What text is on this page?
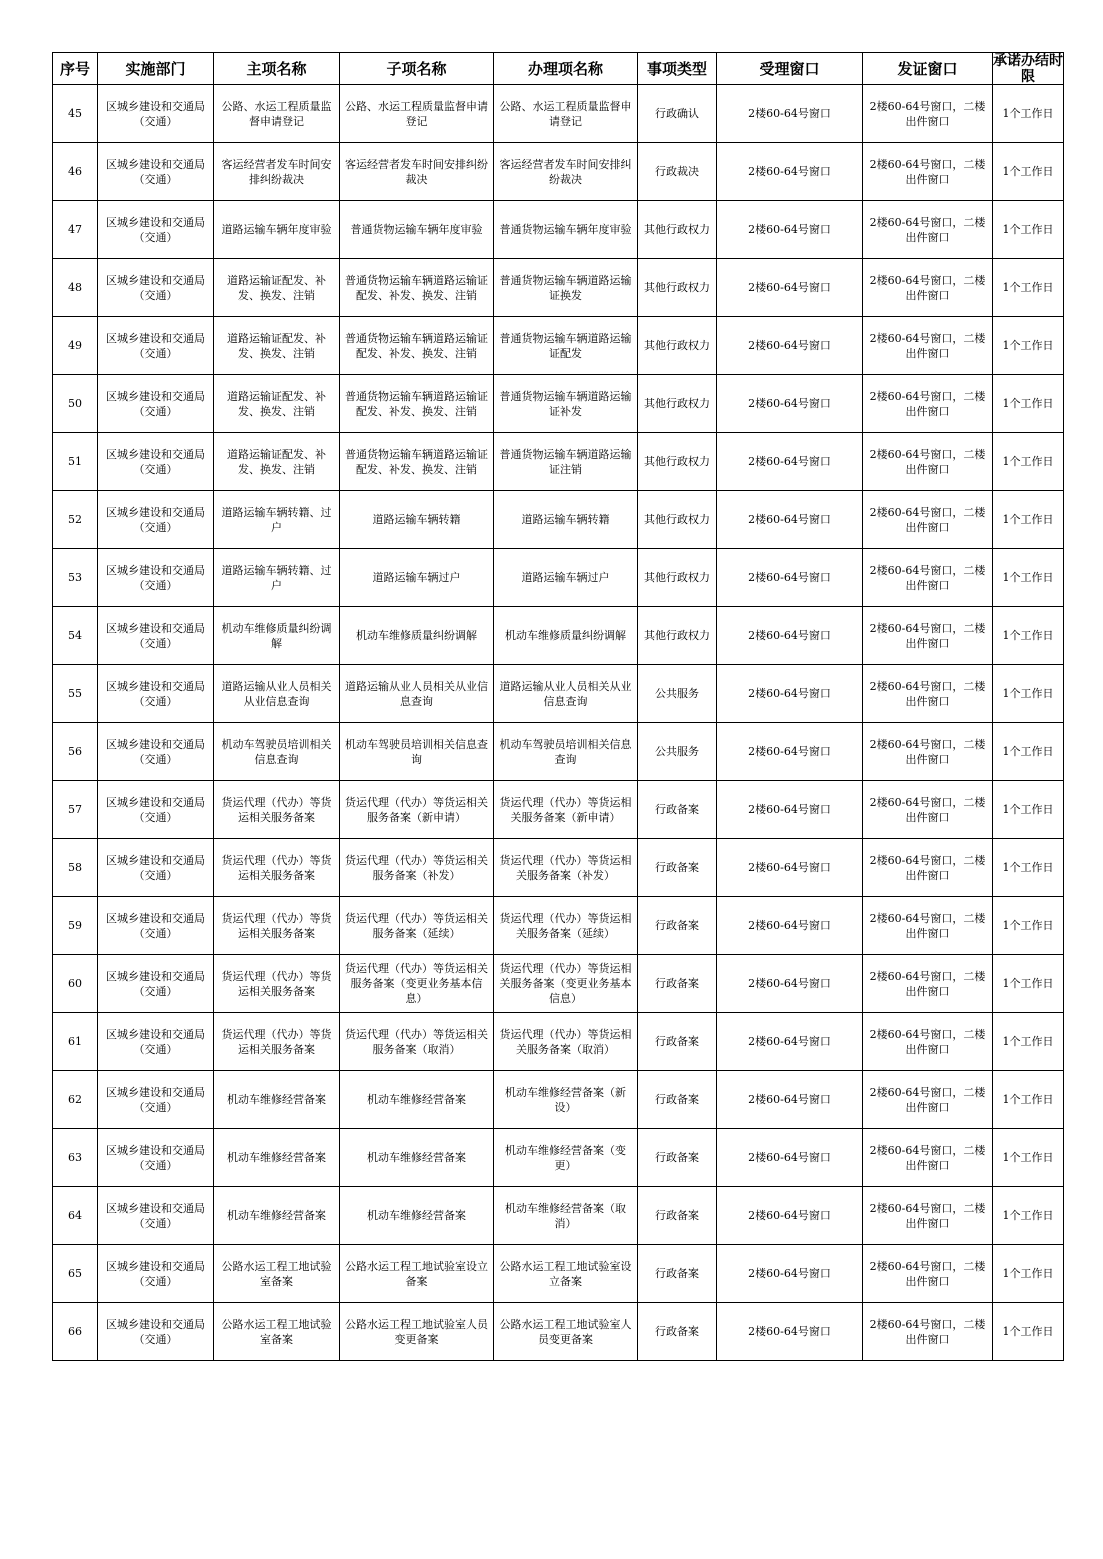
序号	实施部门	主项名称	子项名称	办理项名称	事项类型	受理窗口	发证窗口	承诺办结时限

45	区城乡建设和交通局（交通）	公路、水运工程质量监督申请登记	公路、水运工程质量监督申请登记	公路、水运工程质量监督申请登记	行政确认	2楼60-64号窗口	2楼60-64号窗口，二楼出件窗口	1个工作日
46	区城乡建设和交通局（交通）	客运经营者发车时间安排纠纷裁决	客运经营者发车时间安排纠纷裁决	客运经营者发车时间安排纠纷裁决	行政裁决	2楼60-64号窗口	2楼60-64号窗口，二楼出件窗口	1个工作日
47	区城乡建设和交通局（交通）	道路运输车辆年度审验	普通货物运输车辆年度审验	普通货物运输车辆年度审验	其他行政权力	2楼60-64号窗口	2楼60-64号窗口，二楼出件窗口	1个工作日
48	区城乡建设和交通局（交通）	道路运输证配发、补发、换发、注销	普通货物运输车辆道路运输证配发、补发、换发、注销	普通货物运输车辆道路运输证换发	其他行政权力	2楼60-64号窗口	2楼60-64号窗口，二楼出件窗口	1个工作日
49	区城乡建设和交通局（交通）	道路运输证配发、补发、换发、注销	普通货物运输车辆道路运输证配发、补发、换发、注销	普通货物运输车辆道路运输证配发	其他行政权力	2楼60-64号窗口	2楼60-64号窗口，二楼出件窗口	1个工作日
50	区城乡建设和交通局（交通）	道路运输证配发、补发、换发、注销	普通货物运输车辆道路运输证配发、补发、换发、注销	普通货物运输车辆道路运输证补发	其他行政权力	2楼60-64号窗口	2楼60-64号窗口，二楼出件窗口	1个工作日
51	区城乡建设和交通局（交通）	道路运输证配发、补发、换发、注销	普通货物运输车辆道路运输证配发、补发、换发、注销	普通货物运输车辆道路运输证注销	其他行政权力	2楼60-64号窗口	2楼60-64号窗口，二楼出件窗口	1个工作日
52	区城乡建设和交通局（交通）	道路运输车辆转籍、过户	道路运输车辆转籍	道路运输车辆转籍	其他行政权力	2楼60-64号窗口	2楼60-64号窗口，二楼出件窗口	1个工作日
53	区城乡建设和交通局（交通）	道路运输车辆转籍、过户	道路运输车辆过户	道路运输车辆过户	其他行政权力	2楼60-64号窗口	2楼60-64号窗口，二楼出件窗口	1个工作日
54	区城乡建设和交通局（交通）	机动车维修质量纠纷调解	机动车维修质量纠纷调解	机动车维修质量纠纷调解	其他行政权力	2楼60-64号窗口	2楼60-64号窗口，二楼出件窗口	1个工作日
55	区城乡建设和交通局（交通）	道路运输从业人员相关从业信息查询	道路运输从业人员相关从业信息查询	道路运输从业人员相关从业信息查询	公共服务	2楼60-64号窗口	2楼60-64号窗口，二楼出件窗口	1个工作日
56	区城乡建设和交通局（交通）	机动车驾驶员培训相关信息查询	机动车驾驶员培训相关信息查询	机动车驾驶员培训相关信息查询	公共服务	2楼60-64号窗口	2楼60-64号窗口，二楼出件窗口	1个工作日
57	区城乡建设和交通局（交通）	货运代理（代办）等货运相关服务备案	货运代理（代办）等货运相关服务备案（新申请）	货运代理（代办）等货运相关服务备案（新申请）	行政备案	2楼60-64号窗口	2楼60-64号窗口，二楼出件窗口	1个工作日
58	区城乡建设和交通局（交通）	货运代理（代办）等货运相关服务备案	货运代理（代办）等货运相关服务备案（补发）	货运代理（代办）等货运相关服务备案（补发）	行政备案	2楼60-64号窗口	2楼60-64号窗口，二楼出件窗口	1个工作日
59	区城乡建设和交通局（交通）	货运代理（代办）等货运相关服务备案	货运代理（代办）等货运相关服务备案（延续）	货运代理（代办）等货运相关服务备案（延续）	行政备案	2楼60-64号窗口	2楼60-64号窗口，二楼出件窗口	1个工作日
60	区城乡建设和交通局（交通）	货运代理（代办）等货运相关服务备案	货运代理（代办）等货运相关服务备案（变更业务基本信息）	货运代理（代办）等货运相关服务备案（变更业务基本信息）	行政备案	2楼60-64号窗口	2楼60-64号窗口，二楼出件窗口	1个工作日
61	区城乡建设和交通局（交通）	货运代理（代办）等货运相关服务备案	货运代理（代办）等货运相关服务备案（取消）	货运代理（代办）等货运相关服务备案（取消）	行政备案	2楼60-64号窗口	2楼60-64号窗口，二楼出件窗口	1个工作日
62	区城乡建设和交通局（交通）	机动车维修经营备案	机动车维修经营备案	机动车维修经营备案（新设）	行政备案	2楼60-64号窗口	2楼60-64号窗口，二楼出件窗口	1个工作日
63	区城乡建设和交通局（交通）	机动车维修经营备案	机动车维修经营备案	机动车维修经营备案（变更）	行政备案	2楼60-64号窗口	2楼60-64号窗口，二楼出件窗口	1个工作日
64	区城乡建设和交通局（交通）	机动车维修经营备案	机动车维修经营备案	机动车维修经营备案（取消）	行政备案	2楼60-64号窗口	2楼60-64号窗口，二楼出件窗口	1个工作日
65	区城乡建设和交通局（交通）	公路水运工程工地试验室备案	公路水运工程工地试验室设立备案	公路水运工程工地试验室设立备案	行政备案	2楼60-64号窗口	2楼60-64号窗口，二楼出件窗口	1个工作日
66	区城乡建设和交通局（交通）	公路水运工程工地试验室备案	公路水运工程工地试验室人员变更备案	公路水运工程工地试验室人员变更备案	行政备案	2楼60-64号窗口	2楼60-64号窗口，二楼出件窗口	1个工作日
